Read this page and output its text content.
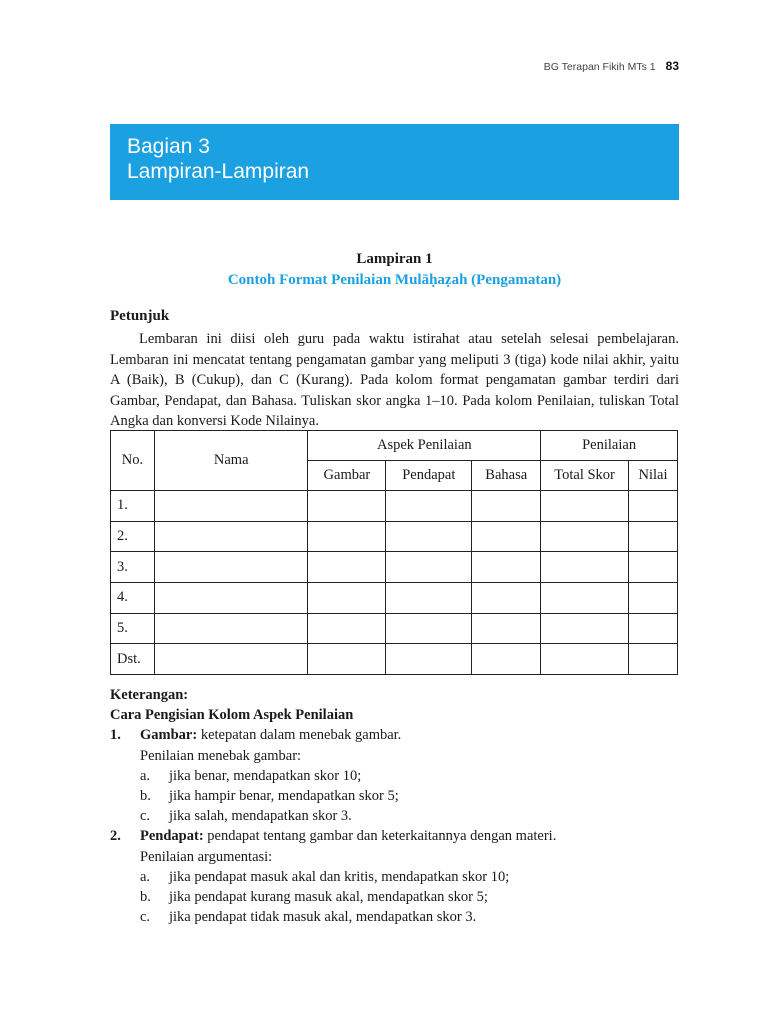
BG Terapan Fikih MTs 1 83
Bagian 3
Lampiran-Lampiran
Lampiran 1
Contoh Format Penilaian Mulāḥaẓah (Pengamatan)
Petunjuk

Lembaran ini diisi oleh guru pada waktu istirahat atau setelah selesai pembelajaran. Lembaran ini mencatat tentang pengamatan gambar yang meliputi 3 (tiga) kode nilai akhir, yaitu A (Baik), B (Cukup), dan C (Kurang). Pada kolom format pengamatan gambar terdiri dari Gambar, Pendapat, dan Bahasa. Tuliskan skor angka 1–10. Pada kolom Penilaian, tuliskan Total Angka dan konversi Kode Nilainya.

No.	Nama	Aspek Penilaian			Penilaian	
		Gambar	Pendapat	Bahasa	Total Skor	Nilai
1.						
2.						
3.						
4.						
5.						
Dst.						
Keterangan:
Cara Pengisian Kolom Aspek Penilaian
1.	Gambar: ketepatan dalam menebak gambar.
Penilaian menebak gambar:
a. jika benar, mendapatkan skor 10;
b. jika hampir benar, mendapatkan skor 5;
c. jika salah, mendapatkan skor 3.
2.	Pendapat: pendapat tentang gambar dan keterkaitannya dengan materi.
Penilaian argumentasi:
a. jika pendapat masuk akal dan kritis, mendapatkan skor 10;
b. jika pendapat kurang masuk akal, mendapatkan skor 5;
c. jika pendapat tidak masuk akal, mendapatkan skor 3.
